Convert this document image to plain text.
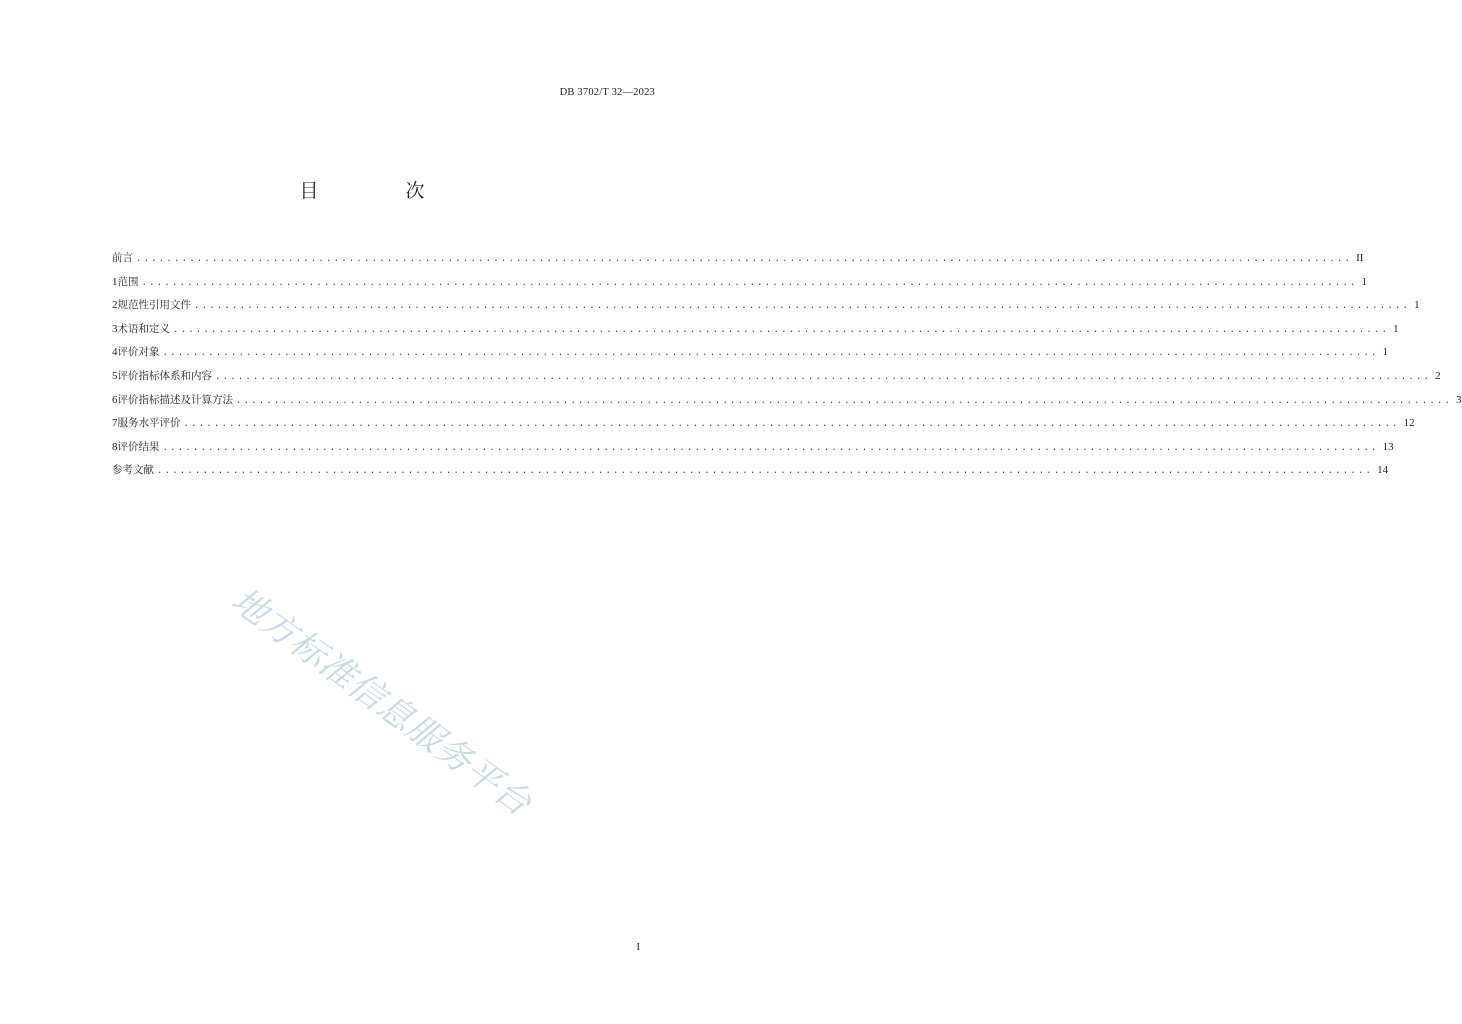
DB 3702/T 32—2023
目　次
前言 ................................................................................................................................................................ II
1 范围 ................................................................................................................................................................ 1
2 规范性引用文件 ................................................................................................................................................................ 1
3 术语和定义 ................................................................................................................................................................ 1
4 评价对象 ................................................................................................................................................................ 1
5 评价指标体系和内容 ................................................................................................................................................................ 2
6 评价指标描述及计算方法 ................................................................................................................................................................ 3
7 服务水平评价 ................................................................................................................................................................ 12
8 评价结果 ................................................................................................................................................................ 13
参考文献 ................................................................................................................................................................ 14
地方标准信息服务平台
I
